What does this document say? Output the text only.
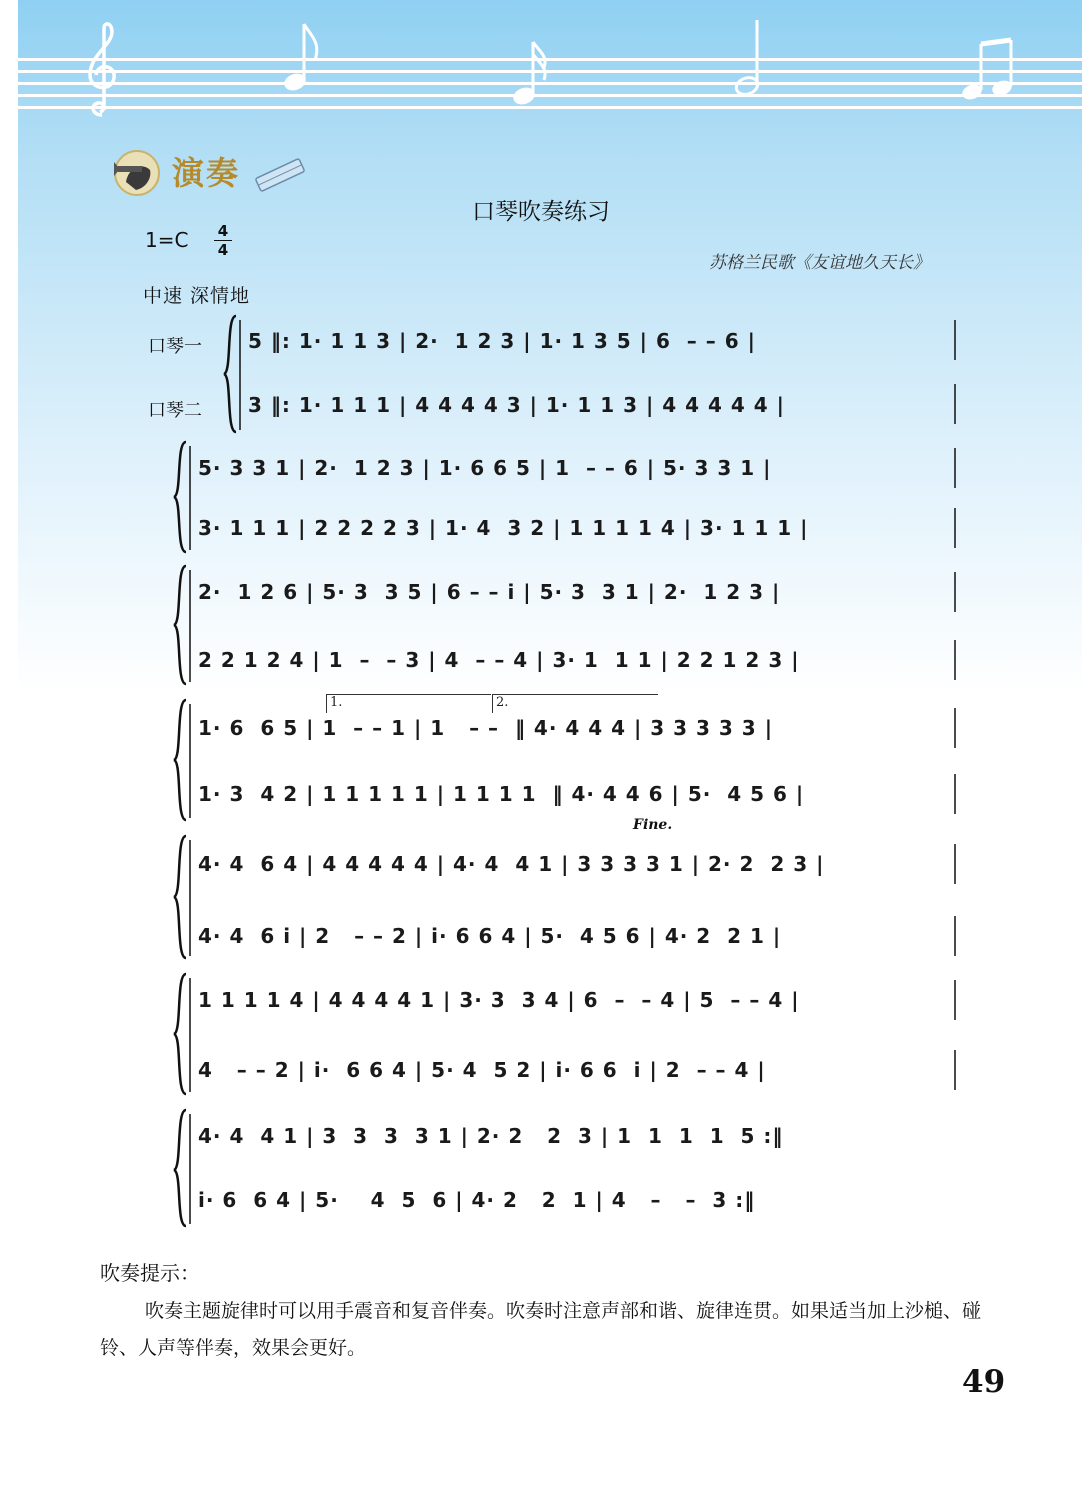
演奏
口琴吹奏练习
1=C	4
4
苏格兰民歌《友谊地久天长》
中速 深情地
口琴一
口琴二
5 ‖: 1· 1 1 3 | 2·  1 2 3 | 1· 1 3 5 | 6  – – 6 |
3 ‖: 1· 1 1 1 | 4 4 4 4 3 | 1· 1 1 3 | 4 4 4 4 4 |
5· 3 3 1 | 2·  1 2 3 | 1· 6 6 5 | 1  – – 6 | 5· 3 3 1 |
3· 1 1 1 | 2 2 2 2 3 | 1· 4  3 2 | 1 1 1 1 4 | 3· 1 1 1 |
2·  1 2 6 | 5· 3  3 5 | 6 – – i | 5· 3  3 1 | 2·  1 2 3 |
2 2 1 2 4 | 1  –  – 3 | 4  – – 4 | 3· 1  1 1 | 2 2 1 2 3 |
1· 6  6 5 | 1  – – 1 | 1   – –  ‖ 4· 4 4 4 | 3 3 3 3 3 |
1· 3  4 2 | 1 1 1 1 1 | 1 1 1 1  ‖ 4· 4 4 6 | 5·  4 5 6 |
4· 4  6 4 | 4 4 4 4 4 | 4· 4  4 1 | 3 3 3 3 1 | 2· 2  2 3 |
4· 4  6 i | 2   – – 2 | i· 6 6 4 | 5·  4 5 6 | 4· 2  2 1 |
1 1 1 1 4 | 4 4 4 4 1 | 3· 3  3 4 | 6  –  – 4 | 5  – – 4 |
4   – – 2 | i·  6 6 4 | 5· 4  5 2 | i· 6 6  i | 2  – – 4 |
4· 4  4 1 | 3  3  3  3 1 | 2· 2   2  3 | 1  1  1  1  5 :‖
i· 6  6 4 | 5·    4  5  6 | 4· 2   2  1 | 4   –   –  3 :‖
1.	2.
Fine.
吹奏提示：
吹奏主题旋律时可以用手震音和复音伴奏。吹奏时注意声部和谐、旋律连贯。如果适当加上沙槌、碰铃、人声等伴奏，效果会更好。
49
